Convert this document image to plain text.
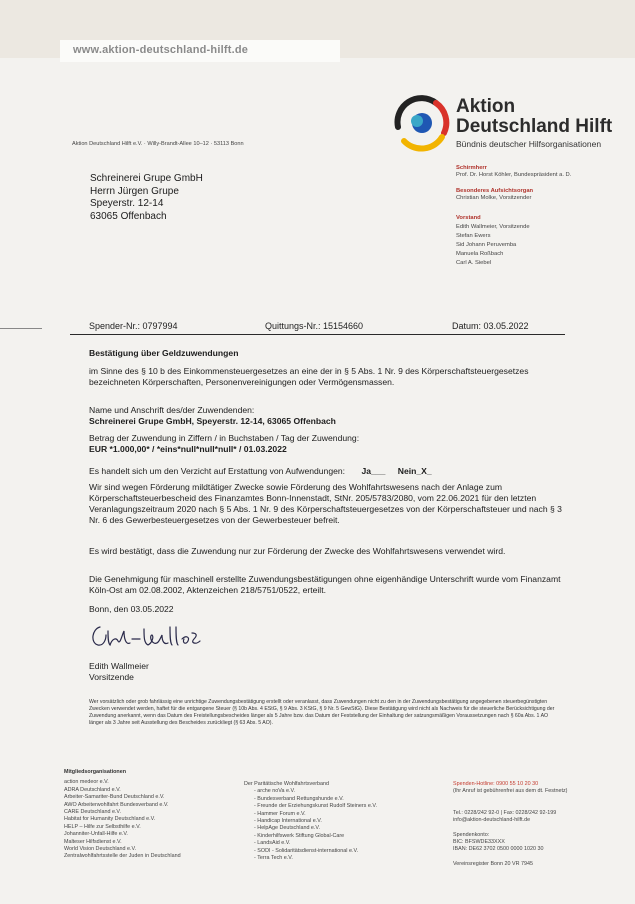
www.aktion-deutschland-hilft.de
Aktion Deutschland Hilft e.V. · Willy-Brandt-Allee 10–12 · 53113 Bonn
Schreinerei Grupe GmbH
Herrn Jürgen Grupe
Speyerstr. 12-14
63065 Offenbach
Aktion
Deutschland Hilft
Bündnis deutscher Hilfsorganisationen
Schirmherr
Prof. Dr. Horst Köhler, Bundespräsident a. D.
Besonderes Aufsichtsorgan
Christian Molke, Vorsitzender
Vorstand
Edith Wallmeier, Vorsitzende
Stefan Ewers
Sid Johann Peruvemba
Manuela Roßbach
Carl A. Siebel
Spender-Nr.: 0797994	Quittungs-Nr.: 15154660	Datum: 03.05.2022
Bestätigung über Geldzuwendungen
im Sinne des § 10 b des Einkommensteuergesetzes an eine der in § 5 Abs. 1 Nr. 9 des Körperschaftsteuergesetzes bezeichneten Körperschaften, Personenvereinigungen oder Vermögensmassen.
Name und Anschrift des/der Zuwendenden:
Schreinerei Grupe GmbH, Speyerstr. 12-14, 63065 Offenbach
Betrag der Zuwendung in Ziffern / in Buchstaben / Tag der Zuwendung:
EUR *1.000,00* / *eins*null*null*null* / 01.03.2022
Es handelt sich um den Verzicht auf Erstattung von Aufwendungen: Ja___ Nein_X_
Wir sind wegen Förderung mildtätiger Zwecke sowie Förderung des Wohlfahrtswesens nach der Anlage zum Körperschaftsteuerbescheid des Finanzamtes Bonn-Innenstadt, StNr. 205/5783/2080, vom 22.06.2021 für den letzten Veranlagungszeitraum 2020 nach § 5 Abs. 1 Nr. 9 des Körperschaftsteuergesetzes von der Körperschaftsteuer und nach § 3 Nr. 6 des Gewerbesteuergesetzes von der Gewerbesteuer befreit.
Es wird bestätigt, dass die Zuwendung nur zur Förderung der Zwecke des Wohlfahrtswesens verwendet wird.
Die Genehmigung für maschinell erstellte Zuwendungsbestätigungen ohne eigenhändige Unterschrift wurde vom Finanzamt Köln-Ost am 02.08.2002, Aktenzeichen 218/5751/0522, erteilt.
Bonn, den 03.05.2022
Edith Wallmeier
Vorsitzende
Wer vorsätzlich oder grob fahrlässig eine unrichtige Zuwendungsbestätigung erstellt oder veranlasst, dass Zuwendungen nicht zu den in der Zuwendungsbestätigung angegebenen steuerbegünstigten Zwecken verwendet werden, haftet für die entgangene Steuer (§ 10b Abs. 4 EStG, § 9 Abs. 3 KStG, § 9 Nr. 5 GewStG). Diese Bestätigung wird nicht als Nachweis für die steuerliche Berücksichtigung der Zuwendung anerkannt, wenn das Datum des Freistellungsbescheides länger als 5 Jahre bzw. das Datum der Feststellung der Einhaltung der satzungsmäßigen Voraussetzungen nach § 60a Abs. 1 AO länger als 3 Jahre seit Ausstellung des Bescheides zurückliegt (§ 63 Abs. 5 AO).
Mitgliedsorganisationen
action medeor e.V.
ADRA Deutschland e.V.
Arbeiter-Samariter-Bund Deutschland e.V.
AWO Arbeiterwohlfahrt Bundesverband e.V.
CARE Deutschland e.V.
Habitat for Humanity Deutschland e.V.
HELP – Hilfe zur Selbsthilfe e.V.
Johanniter-Unfall-Hilfe e.V.
Malteser Hilfsdienst e.V.
World Vision Deutschland e.V.
Zentralwohlfahrtsstelle der Juden in Deutschland
Der Paritätische Wohlfahrtsverband
- arche noVa e.V.
- Bundesverband Rettungshunde e.V.
- Freunde der Erziehungskunst Rudolf Steiners e.V.
- Hammer Forum e.V.
- Handicap International e.V.
- HelpAge Deutschland e.V.
- Kinderhilfswerk Stiftung Global-Care
- LandsAid e.V.
- SODI - Solidaritätsdienst-international e.V.
- Terra Tech e.V.
Spenden-Hotline: 0900 55 10 20 30
(Ihr Anruf ist gebührenfrei aus dem dt. Festnetz)
Tel.: 0228/242 92-0 | Fax: 0228/242 92-199
info@aktion-deutschland-hilft.de
Spendenkonto:
BIC: BFSWDE33XXX
IBAN: DE62 3702 0500 0000 1020 30
Vereinsregister Bonn 20 VR 7945
